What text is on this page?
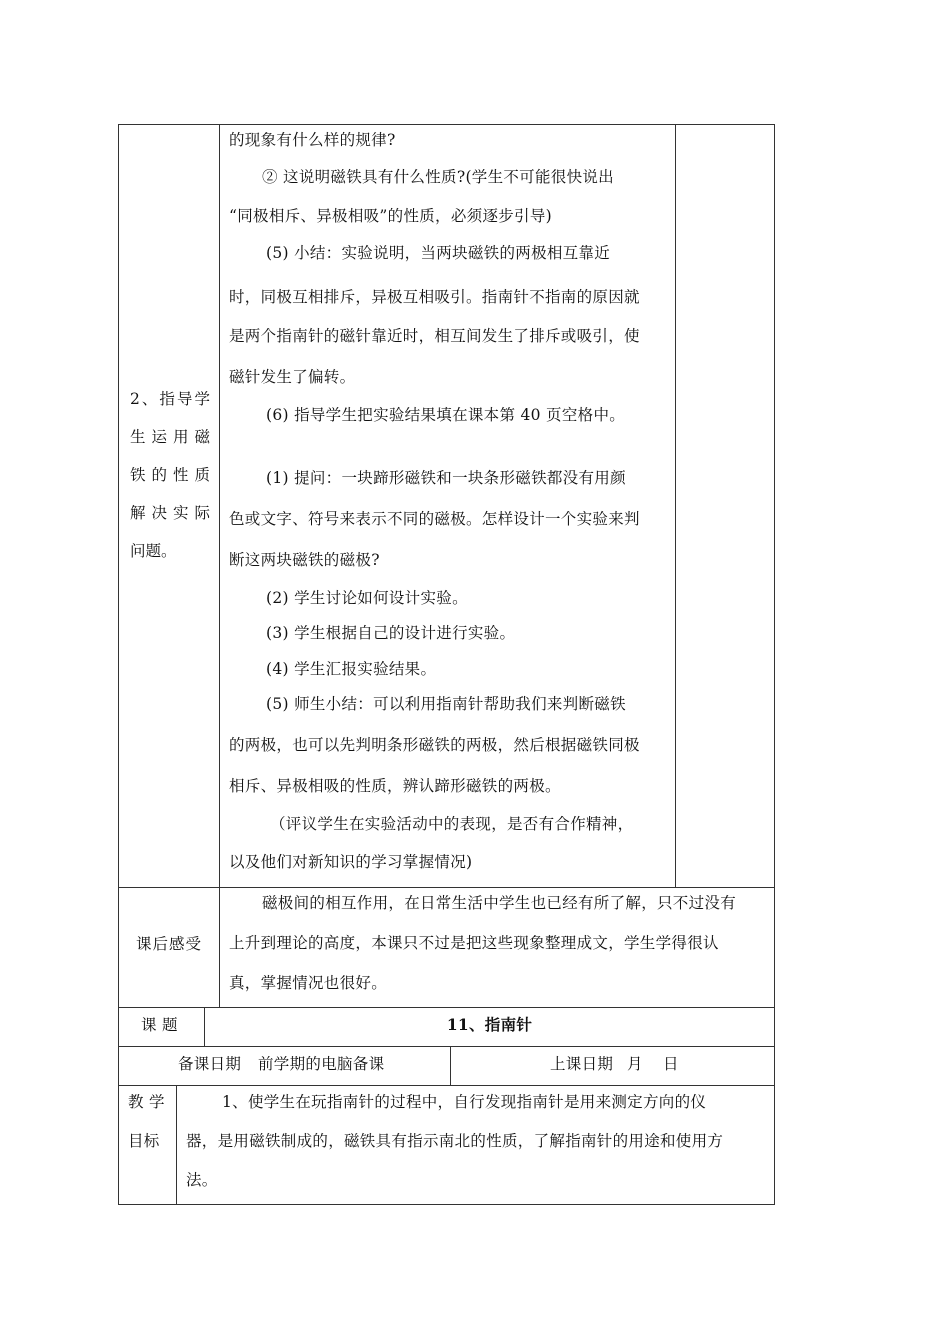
2、指导学
生运用磁
铁的性质
解决实际
问题。
的现象有什么样的规律?
② 这说明磁铁具有什么性质?(学生不可能很快说出
“同极相斥、异极相吸”的性质，必须逐步引导)
(5) 小结：实验说明，当两块磁铁的两极相互靠近
时，同极互相排斥，异极互相吸引。指南针不指南的原因就
是两个指南针的磁针靠近时，相互间发生了排斥或吸引，使
磁针发生了偏转。
(6) 指导学生把实验结果填在课本第 40 页空格中。
(1) 提问：一块蹄形磁铁和一块条形磁铁都没有用颜
色或文字、符号来表示不同的磁极。怎样设计一个实验来判
断这两块磁铁的磁极?
(2) 学生讨论如何设计实验。
(3) 学生根据自己的设计进行实验。
(4) 学生汇报实验结果。
(5) 师生小结：可以利用指南针帮助我们来判断磁铁
的两极，也可以先判明条形磁铁的两极，然后根据磁铁同极
相斥、异极相吸的性质，辨认蹄形磁铁的两极。
（评议学生在实验活动中的表现，是否有合作精神，
以及他们对新知识的学习掌握情况)
课后感受
磁极间的相互作用，在日常生活中学生也已经有所了解，只不过没有
上升到理论的高度，本课只不过是把这些现象整理成文，学生学得很认
真，掌握情况也很好。
课 题	11、指南针
备课日期 前学期的电脑备课	上课日期 月 日
教 学
目标
1、使学生在玩指南针的过程中，自行发现指南针是用来测定方向的仪
器，是用磁铁制成的，磁铁具有指示南北的性质，了解指南针的用途和使用方
法。
